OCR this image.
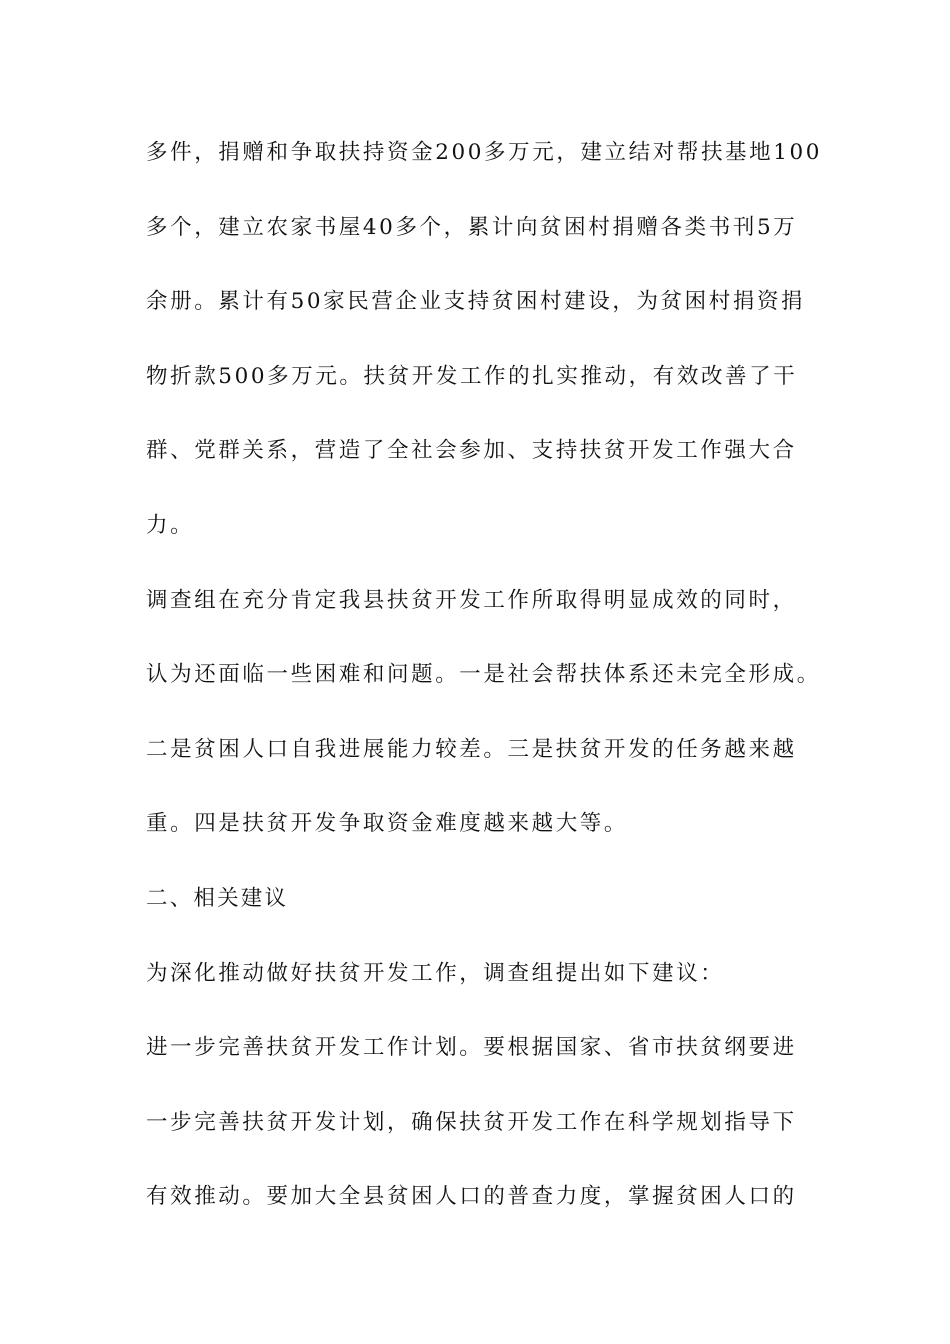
多件，捐赠和争取扶持资金200多万元，建立结对帮扶基地100
多个，建立农家书屋40多个，累计向贫困村捐赠各类书刊5万
余册。累计有50家民营企业支持贫困村建设，为贫困村捐资捐
物折款500多万元。扶贫开发工作的扎实推动，有效改善了干
群、党群关系，营造了全社会参加、支持扶贫开发工作强大合
力。
调查组在充分肯定我县扶贫开发工作所取得明显成效的同时，
认为还面临一些困难和问题。一是社会帮扶体系还未完全形成。
二是贫困人口自我进展能力较差。三是扶贫开发的任务越来越
重。四是扶贫开发争取资金难度越来越大等。
二、相关建议
为深化推动做好扶贫开发工作，调查组提出如下建议：
进一步完善扶贫开发工作计划。要根据国家、省市扶贫纲要进
一步完善扶贫开发计划，确保扶贫开发工作在科学规划指导下
有效推动。要加大全县贫困人口的普查力度，掌握贫困人口的
